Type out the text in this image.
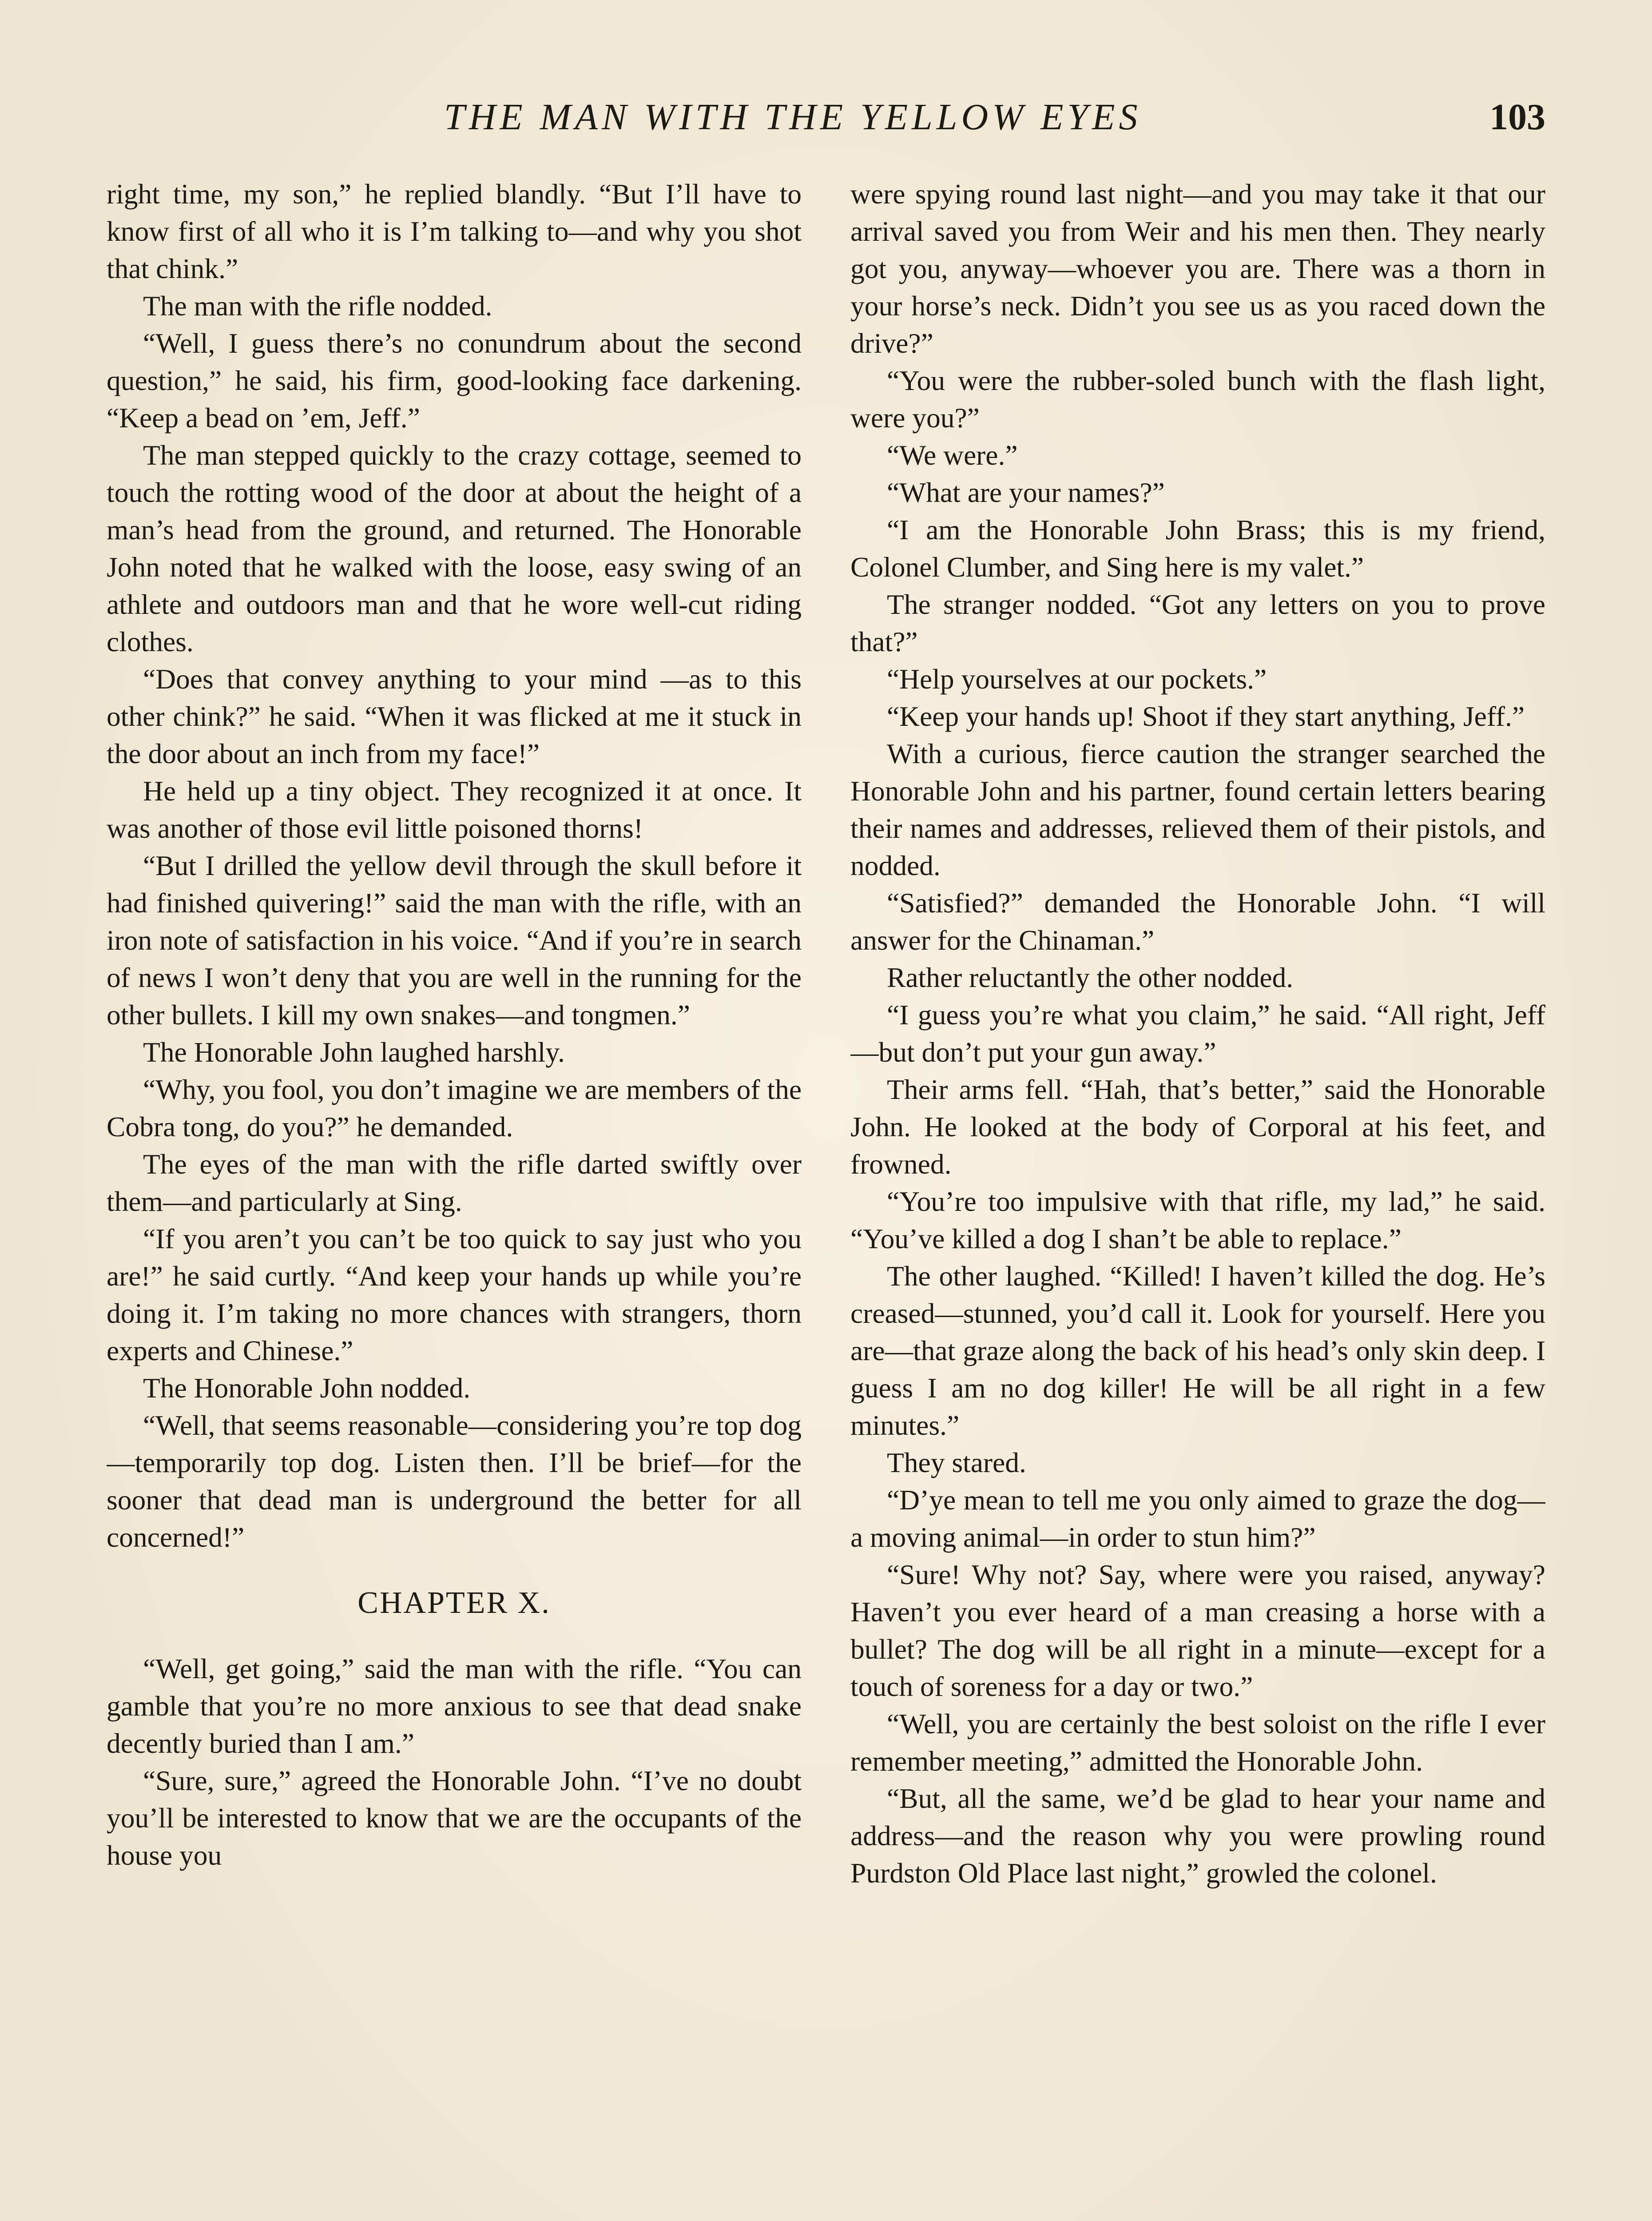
THE MAN WITH THE YELLOW EYES	103

right time, my son,” he replied blandly. “But I’ll have to know first of all who it is I’m talking to—and why you shot that chink.”

The man with the rifle nodded.

“Well, I guess there’s no conundrum about the second question,” he said, his firm, good-looking face darkening. “Keep a bead on ’em, Jeff.”

The man stepped quickly to the crazy cottage, seemed to touch the rotting wood of the door at about the height of a man’s head from the ground, and returned. The Honorable John noted that he walked with the loose, easy swing of an athlete and outdoors man and that he wore well-cut riding clothes.

“Does that convey anything to your mind —as to this other chink?” he said. “When it was flicked at me it stuck in the door about an inch from my face!”

He held up a tiny object. They recognized it at once. It was another of those evil little poisoned thorns!

“But I drilled the yellow devil through the skull before it had finished quivering!” said the man with the rifle, with an iron note of satisfaction in his voice. “And if you’re in search of news I won’t deny that you are well in the running for the other bullets. I kill my own snakes—and tongmen.”

The Honorable John laughed harshly.

“Why, you fool, you don’t imagine we are members of the Cobra tong, do you?” he demanded.

The eyes of the man with the rifle darted swiftly over them—and particularly at Sing.

“If you aren’t you can’t be too quick to say just who you are!” he said curtly. “And keep your hands up while you’re doing it. I’m taking no more chances with strangers, thorn experts and Chinese.”

The Honorable John nodded.

“Well, that seems reasonable—considering you’re top dog—temporarily top dog. Listen then. I’ll be brief—for the sooner that dead man is underground the better for all concerned!”

CHAPTER X.

“Well, get going,” said the man with the rifle. “You can gamble that you’re no more anxious to see that dead snake decently buried than I am.”

“Sure, sure,” agreed the Honorable John. “I’ve no doubt you’ll be interested to know that we are the occupants of the house you

were spying round last night—and you may take it that our arrival saved you from Weir and his men then. They nearly got you, anyway—whoever you are. There was a thorn in your horse’s neck. Didn’t you see us as you raced down the drive?”

“You were the rubber-soled bunch with the flash light, were you?”

“We were.”

“What are your names?”

“I am the Honorable John Brass; this is my friend, Colonel Clumber, and Sing here is my valet.”

The stranger nodded. “Got any letters on you to prove that?”

“Help yourselves at our pockets.”

“Keep your hands up! Shoot if they start anything, Jeff.”

With a curious, fierce caution the stranger searched the Honorable John and his partner, found certain letters bearing their names and addresses, relieved them of their pistols, and nodded.

“Satisfied?” demanded the Honorable John. “I will answer for the Chinaman.”

Rather reluctantly the other nodded.

“I guess you’re what you claim,” he said. “All right, Jeff—but don’t put your gun away.”

Their arms fell. “Hah, that’s better,” said the Honorable John. He looked at the body of Corporal at his feet, and frowned.

“You’re too impulsive with that rifle, my lad,” he said. “You’ve killed a dog I shan’t be able to replace.”

The other laughed. “Killed! I haven’t killed the dog. He’s creased—stunned, you’d call it. Look for yourself. Here you are—that graze along the back of his head’s only skin deep. I guess I am no dog killer! He will be all right in a few minutes.”

They stared.

“D’ye mean to tell me you only aimed to graze the dog—a moving animal—in order to stun him?”

“Sure! Why not? Say, where were you raised, anyway? Haven’t you ever heard of a man creasing a horse with a bullet? The dog will be all right in a minute—except for a touch of soreness for a day or two.”

“Well, you are certainly the best soloist on the rifle I ever remember meeting,” admitted the Honorable John.

“But, all the same, we’d be glad to hear your name and address—and the reason why you were prowling round Purdston Old Place last night,” growled the colonel.
